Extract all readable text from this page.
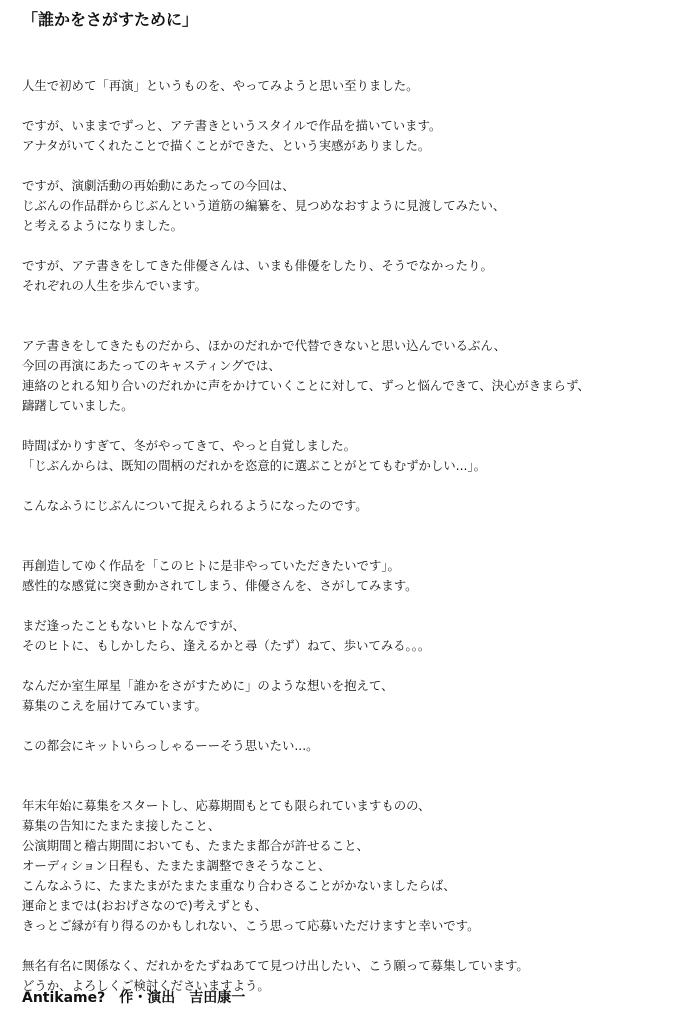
「誰かをさがすために」

人生で初めて「再演」というものを、やってみようと思い至りました。

ですが、いままでずっと、アテ書きというスタイルで作品を描いています。
アナタがいてくれたことで描くことができた、という実感がありました。

ですが、演劇活動の再始動にあたっての今回は、
じぶんの作品群からじぶんという道筋の編纂を、見つめなおすように見渡してみたい、
と考えるようになりました。

ですが、アテ書きをしてきた俳優さんは、いまも俳優をしたり、そうでなかったり。
それぞれの人生を歩んでいます。

アテ書きをしてきたものだから、ほかのだれかで代替できないと思い込んでいるぶん、
今回の再演にあたってのキャスティングでは、
連絡のとれる知り合いのだれかに声をかけていくことに対して、ずっと悩んできて、決心がきまらず、
躊躇していました。

時間ばかりすぎて、冬がやってきて、やっと自覚しました。
「じぶんからは、既知の間柄のだれかを恣意的に選ぶことがとてもむずかしい...」。

こんなふうにじぶんについて捉えられるようになったのです。

再創造してゆく作品を「このヒトに是非やっていただきたいです」。
感性的な感覚に突き動かされてしまう、俳優さんを、さがしてみます。

まだ逢ったこともないヒトなんですが、
そのヒトに、もしかしたら、逢えるかと尋（たず）ねて、歩いてみる。。。

なんだか室生犀星「誰かをさがすために」のような想いを抱えて、
募集のこえを届けてみています。

この都会にキットいらっしゃるーーそう思いたい...。

年末年始に募集をスタートし、応募期間もとても限られていますものの、
募集の告知にたまたま接したこと、
公演期間と稽古期間においても、たまたま都合が許せること、
オーディション日程も、たまたま調整できそうなこと、
こんなふうに、たまたまがたまたま重なり合わさることがかないましたらば、
運命とまでは(おおげさなので)考えずとも、
きっとご縁が有り得るのかもしれない、こう思って応募いただけますと幸いです。

無名有名に関係なく、だれかをたずねあてて見つけ出したい、こう願って募集しています。
どうか、よろしくご検討くださいますよう。

Antikame?　作・演出　吉田康一
